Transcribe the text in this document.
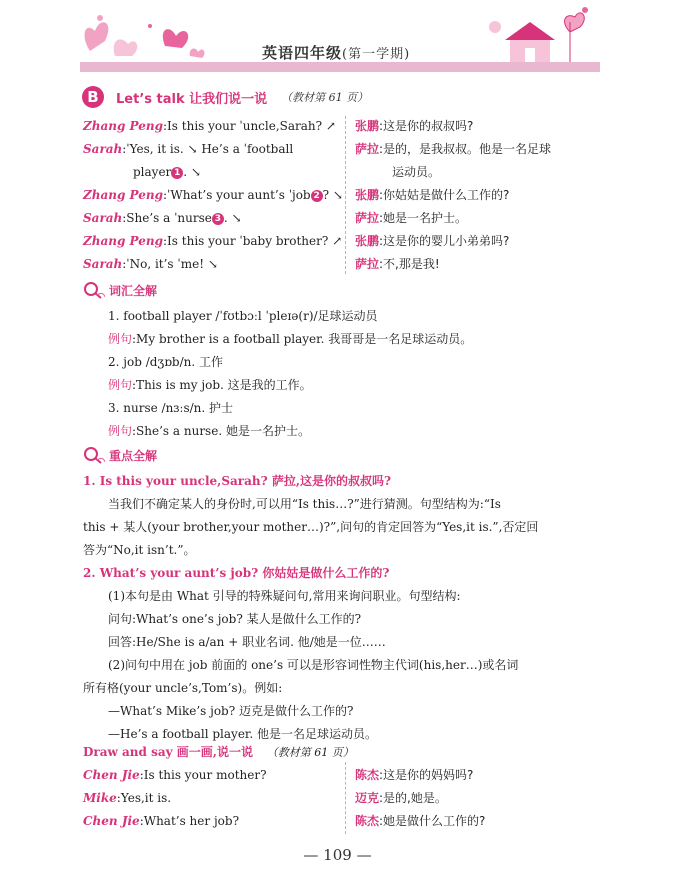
英语四年级(第一学期)
B	Let’s talk 让我们说一说 （教材第 61 页）
Zhang Peng:Is this your ˈuncle,Sarah? ↗
Sarah:ˈYes, it is. ↘ He’s a ˈfootball
player 1 . ↘
Zhang Peng:ˈWhat’s your aunt’s ˈjob 2 ? ↘
Sarah:She’s a ˈnurse 3 . ↘
Zhang Peng:Is this your ˈbaby brother? ↗
Sarah:ˈNo, it’s ˈme! ↘
张鹏:这是你的叔叔吗?
萨拉:是的，是我叔叔。他是一名足球
运动员。
张鹏:你姑姑是做什么工作的?
萨拉:她是一名护士。
张鹏:这是你的婴儿小弟弟吗?
萨拉:不,那是我!
词汇全解
1. football player /ˈfʊtbɔːl ˈpleɪə(r)/足球运动员
例句:My brother is a football player. 我哥哥是一名足球运动员。
2. job /dʒɒb/n. 工作
例句:This is my job. 这是我的工作。
3. nurse /nɜːs/n. 护士
例句:She’s a nurse. 她是一名护士。
重点全解
1. Is this your uncle,Sarah? 萨拉,这是你的叔叔吗?
当我们不确定某人的身份时,可以用“Is this…?”进行猜测。句型结构为:“Is
this + 某人(your brother,your mother…)?”,问句的肯定回答为“Yes,it is.”,否定回
答为“No,it isn’t.”。
2. What’s your aunt’s job? 你姑姑是做什么工作的?
(1)本句是由 What 引导的特殊疑问句,常用来询问职业。句型结构:
问句:What’s one’s job? 某人是做什么工作的?
回答:He/She is a/an + 职业名词. 他/她是一位……
(2)问句中用在 job 前面的 one’s 可以是形容词性物主代词(his,her…)或名词
所有格(your uncle’s,Tom’s)。例如:
—What’s Mike’s job? 迈克是做什么工作的?
—He’s a football player. 他是一名足球运动员。
Draw and say 画一画,说一说 （教材第 61 页）
Chen Jie:Is this your mother?
Mike:Yes,it is.
Chen Jie:What’s her job?
陈杰:这是你的妈妈吗?
迈克:是的,她是。
陈杰:她是做什么工作的?
— 109 —
